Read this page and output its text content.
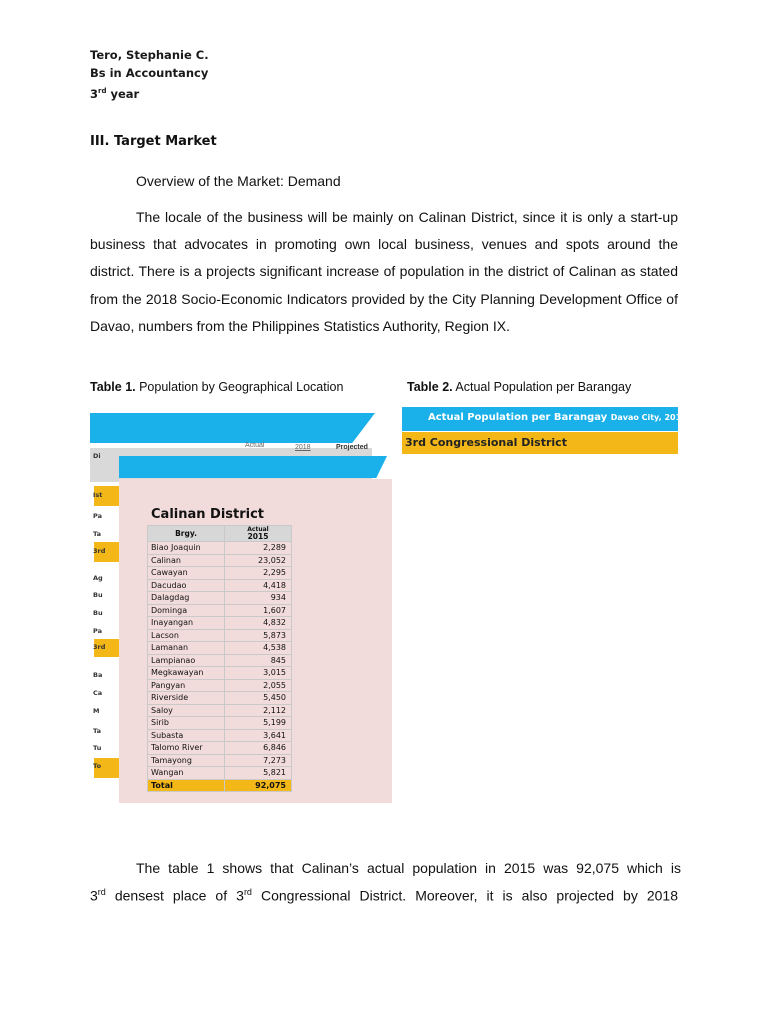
Tero, Stephanie C.
Bs in Accountancy
3rd year
III. Target Market
Overview of the Market: Demand
The locale of the business will be mainly on Calinan District, since it is only a start-up business that advocates in promoting own local business, venues and spots around the district. There is a projects significant increase of population in the district of Calinan as stated from the 2018 Socio-Economic Indicators provided by the City Planning Development Office of Davao, numbers from the Philippines Statistics Authority, Region IX.
Table 1. Population by Geographical Location	Table 2. Actual Population per Barangay
Actual	2018	Projected
Di
Ist
Pa
Ta
3rd
Ag
Bu
Bu
Pa
3rd
Ba
Ca
M
Ta
Tu
To
Calinan District
Brgy.	Actual
2015

Biao Joaquin	2,289
Calinan	23,052
Cawayan	2,295
Dacudao	4,418
Dalagdag	934
Dominga	1,607
Inayangan	4,832
Lacson	5,873
Lamanan	4,538
Lampianao	845
Megkawayan	3,015
Pangyan	2,055
Riverside	5,450
Saloy	2,112
Sirib	5,199
Subasta	3,641
Talomo River	6,846
Tamayong	7,273
Wangan	5,821
Total	92,075
Actual Population per Barangay Davao City, 2015
3rd Congressional District
The table 1 shows that Calinan’s actual population in 2015 was 92,075 which is
3rd densest place of 3rd Congressional District. Moreover, it is also projected by 2018
